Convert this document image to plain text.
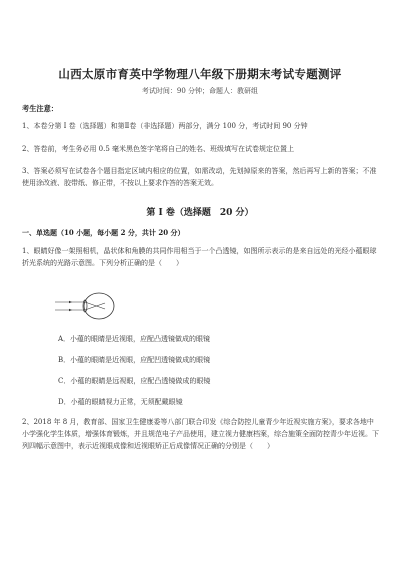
山西太原市育英中学物理八年级下册期末考试专题测评
考试时间：90 分钟；命题人：教研组
考生注意：
1、本卷分第 I 卷（选择题）和第Ⅱ卷（非选择题）两部分，满分 100 分，考试时间 90 分钟
2、答卷前，考生务必用 0.5 毫米黑色签字笔将自己的姓名、班级填写在试卷规定位置上
3、答案必须写在试卷各个题目指定区域内相应的位置，如需改动，先划掉原来的答案，然后再写上新的答案；不准使用涂改液、胶带纸、修正带，不按以上要求作答的答案无效。
第 I 卷（选择题　20 分）
一、单选题（10 小题，每小题 2 分，共计 20 分）
1、眼睛好像一架照相机，晶状体和角膜的共同作用相当于一个凸透镜，如图所示表示的是来自远处的光经小蕴眼球折光系统的光路示意图。下列分析正确的是（　　）
A．小蕴的眼睛是近视眼，应配凸透镜做成的眼镜
B．小蕴的眼睛是近视眼，应配凹透镜做成的眼镜
C．小蕴的眼睛是远视眼，应配凸透镜做成的眼镜
D．小蕴的眼睛视力正常，无须配戴眼镜
2、2018 年 8 月，教育部、国家卫生健康委等八部门联合印发《综合防控儿童青少年近视实施方案》，要求各地中小学强化学生体质，增强体育锻炼，并且规范电子产品使用，建立视力健康档案，综合施策全面防控青少年近视。下列四幅示意图中，表示近视眼成像和近视眼矫正后成像情况正确的分别是（　　）
